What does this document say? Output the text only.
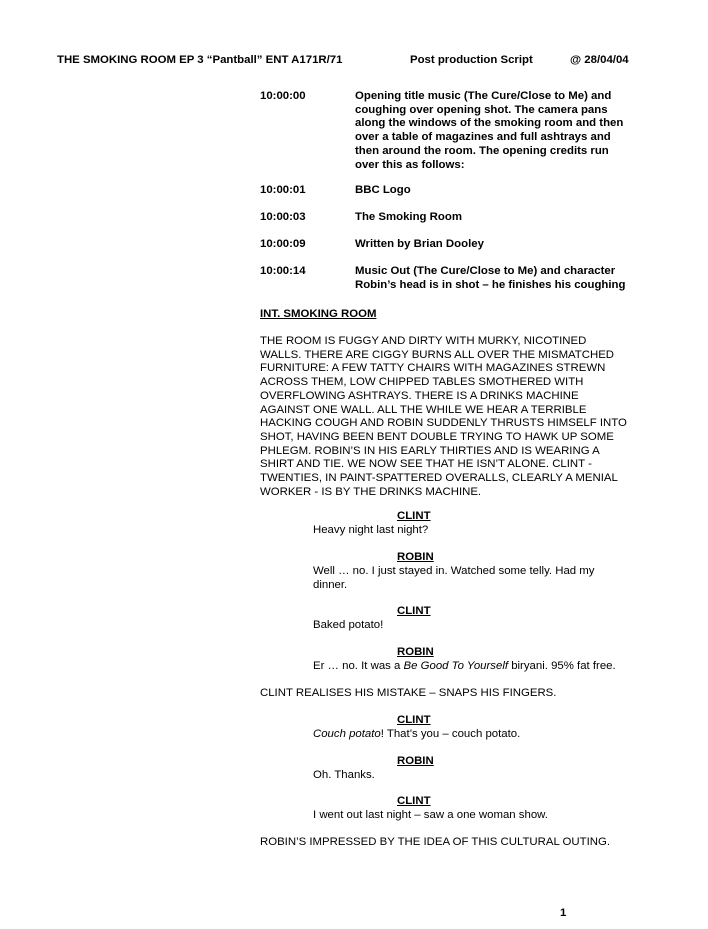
THE SMOKING ROOM EP 3 “Pantball” ENT A171R/71	Post production Script	@ 28/04/04
10:00:00	Opening title music (The Cure/Close to Me) and
coughing over opening shot. The camera pans
along the windows of the smoking room and then
over a table of magazines and full ashtrays and
then around the room. The opening credits run
over this as follows:
10:00:01	BBC Logo
10:00:03	The Smoking Room
10:00:09	Written by Brian Dooley
10:00:14	Music Out (The Cure/Close to Me) and character
Robin’s head is in shot – he finishes his coughing
INT. SMOKING ROOM
THE ROOM IS FUGGY AND DIRTY WITH MURKY, NICOTINED
WALLS. THERE ARE CIGGY BURNS ALL OVER THE MISMATCHED
FURNITURE: A FEW TATTY CHAIRS WITH MAGAZINES STREWN
ACROSS THEM, LOW CHIPPED TABLES SMOTHERED WITH
OVERFLOWING ASHTRAYS. THERE IS A DRINKS MACHINE
AGAINST ONE WALL. ALL THE WHILE WE HEAR A TERRIBLE
HACKING COUGH AND ROBIN SUDDENLY THRUSTS HIMSELF INTO
SHOT, HAVING BEEN BENT DOUBLE TRYING TO HAWK UP SOME
PHLEGM. ROBIN’S IN HIS EARLY THIRTIES AND IS WEARING A
SHIRT AND TIE. WE NOW SEE THAT HE ISN’T ALONE. CLINT -
TWENTIES, IN PAINT-SPATTERED OVERALLS, CLEARLY A MENIAL
WORKER - IS BY THE DRINKS MACHINE.
CLINT
Heavy night last night?
ROBIN
Well … no. I just stayed in. Watched some telly. Had my
dinner.
CLINT
Baked potato!
ROBIN
Er … no. It was a Be Good To Yourself biryani. 95% fat free.
CLINT REALISES HIS MISTAKE – SNAPS HIS FINGERS.
CLINT
Couch potato! That’s you – couch potato.
ROBIN
Oh. Thanks.
CLINT
I went out last night – saw a one woman show.
ROBIN’S IMPRESSED BY THE IDEA OF THIS CULTURAL OUTING.
1
